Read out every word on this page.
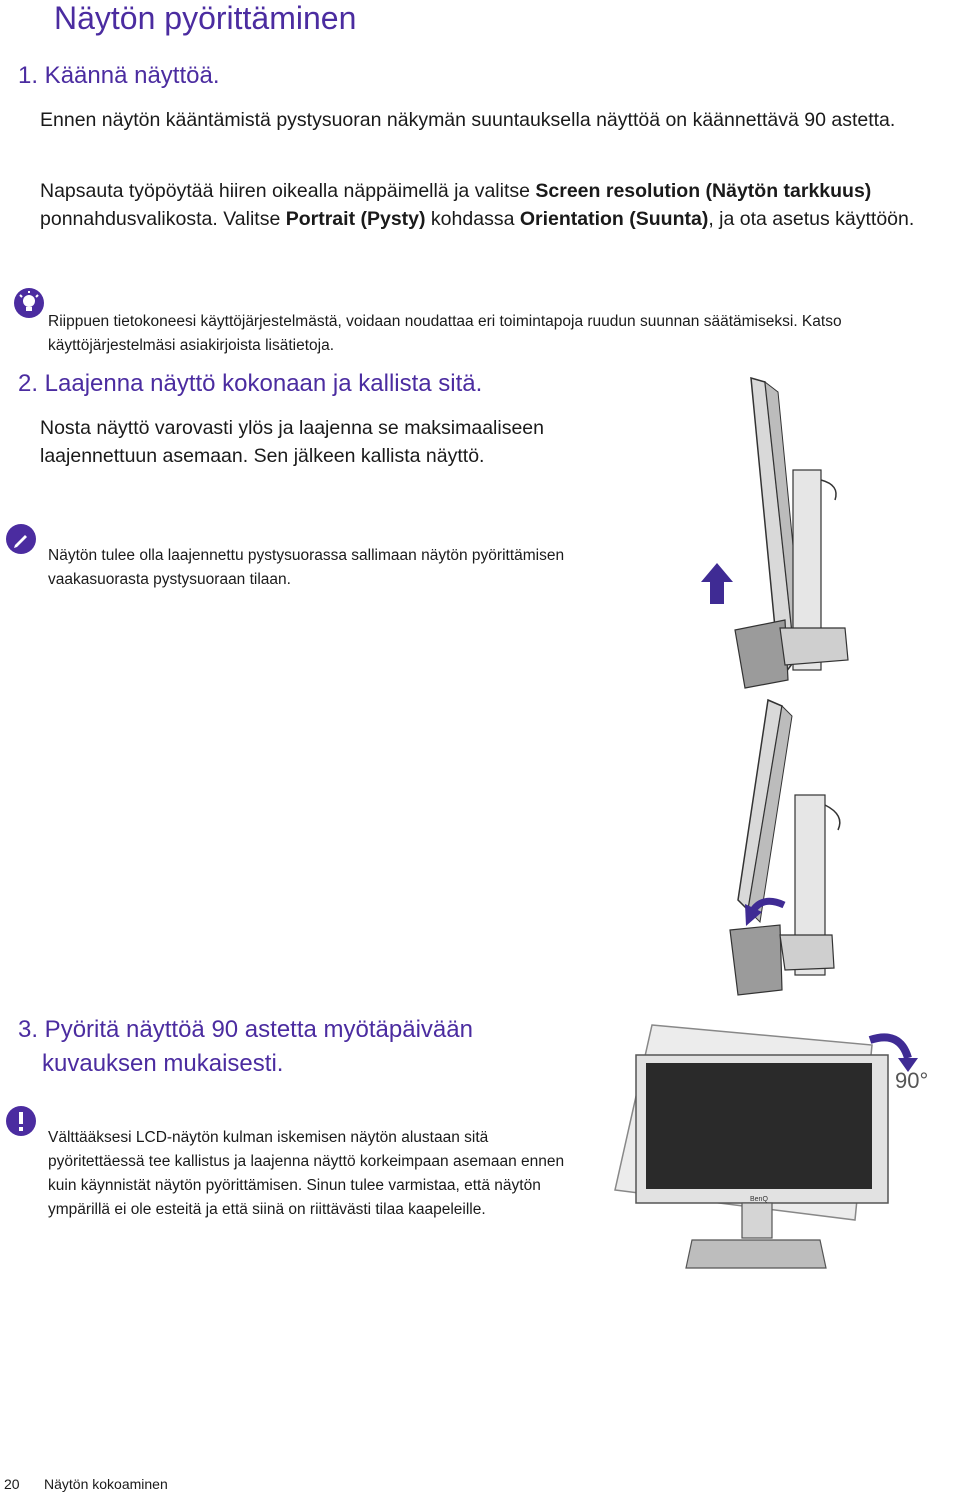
Näytön pyörittäminen
1. Käännä näyttöä.
Ennen näytön kääntämistä pystysuoran näkymän suuntauksella näyttöä on käännettävä 90 astetta.
Napsauta työpöytää hiiren oikealla näppäimellä ja valitse Screen resolution (Näytön tarkkuus) ponnahdusvalikosta. Valitse Portrait (Pysty) kohdassa Orientation (Suunta), ja ota asetus käyttöön.
Riippuen tietokoneesi käyttöjärjestelmästä, voidaan noudattaa eri toimintapoja ruudun suunnan säätämiseksi. Katso käyttöjärjestelmäsi asiakirjoista lisätietoja.
2. Laajenna näyttö kokonaan ja kallista sitä.
Nosta näyttö varovasti ylös ja laajenna se maksimaaliseen laajennettuun asemaan. Sen jälkeen kallista näyttö.
Näytön tulee olla laajennettu pystysuorassa sallimaan näytön pyörittämisen vaakasuorasta pystysuoraan tilaan.
BenQ
90°
3. Pyöritä näyttöä 90 astetta myötäpäivään
kuvauksen mukaisesti.
Välttääksesi LCD-näytön kulman iskemisen näytön alustaan sitä pyöritettäessä tee kallistus ja laajenna näyttö korkeimpaan asemaan ennen kuin käynnistät näytön pyörittämisen. Sinun tulee varmistaa, että näytön ympärillä ei ole esteitä ja että siinä on riittävästi tilaa kaapeleille.
20 Näytön kokoaminen
